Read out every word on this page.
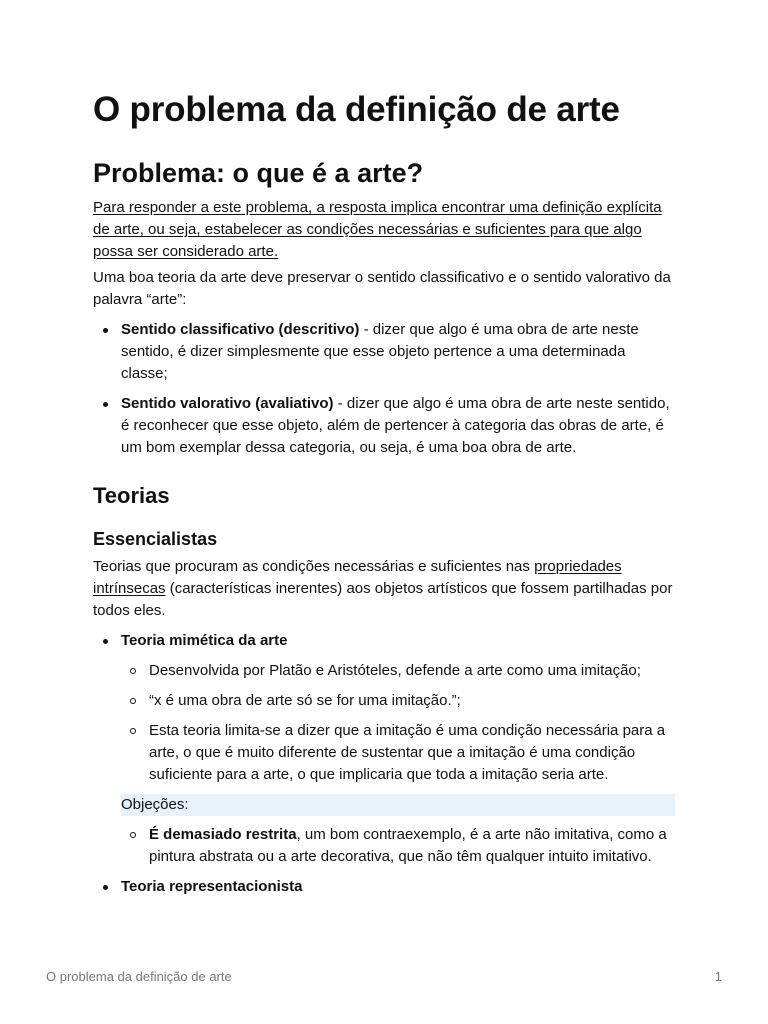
O problema da definição de arte
Problema: o que é a arte?

Para responder a este problema, a resposta implica encontrar uma definição explícita de arte, ou seja, estabelecer as condições necessárias e suficientes para que algo possa ser considerado arte.

Uma boa teoria da arte deve preservar o sentido classificativo e o sentido valorativo da palavra “arte”:

Sentido classificativo (descritivo) - dizer que algo é uma obra de arte neste sentido, é dizer simplesmente que esse objeto pertence a uma determinada classe;
Sentido valorativo (avaliativo) - dizer que algo é uma obra de arte neste sentido, é reconhecer que esse objeto, além de pertencer à categoria das obras de arte, é um bom exemplar dessa categoria, ou seja, é uma boa obra de arte.
Teorias
Essencialistas

Teorias que procuram as condições necessárias e suficientes nas propriedades intrínsecas (características inerentes) aos objetos artísticos que fossem partilhadas por todos eles.

Teoria mimética da arte
Desenvolvida por Platão e Aristóteles, defende a arte como uma imitação;
“x é uma obra de arte só se for uma imitação.”;
Esta teoria limita-se a dizer que a imitação é uma condição necessária para a arte, o que é muito diferente de sustentar que a imitação é uma condição suficiente para a arte, o que implicaria que toda a imitação seria arte.
Objeções:
É demasiado restrita, um bom contraexemplo, é a arte não imitativa, como a pintura abstrata ou a arte decorativa, que não têm qualquer intuito imitativo.
Teoria representacionista
O problema da definição de arte	1
